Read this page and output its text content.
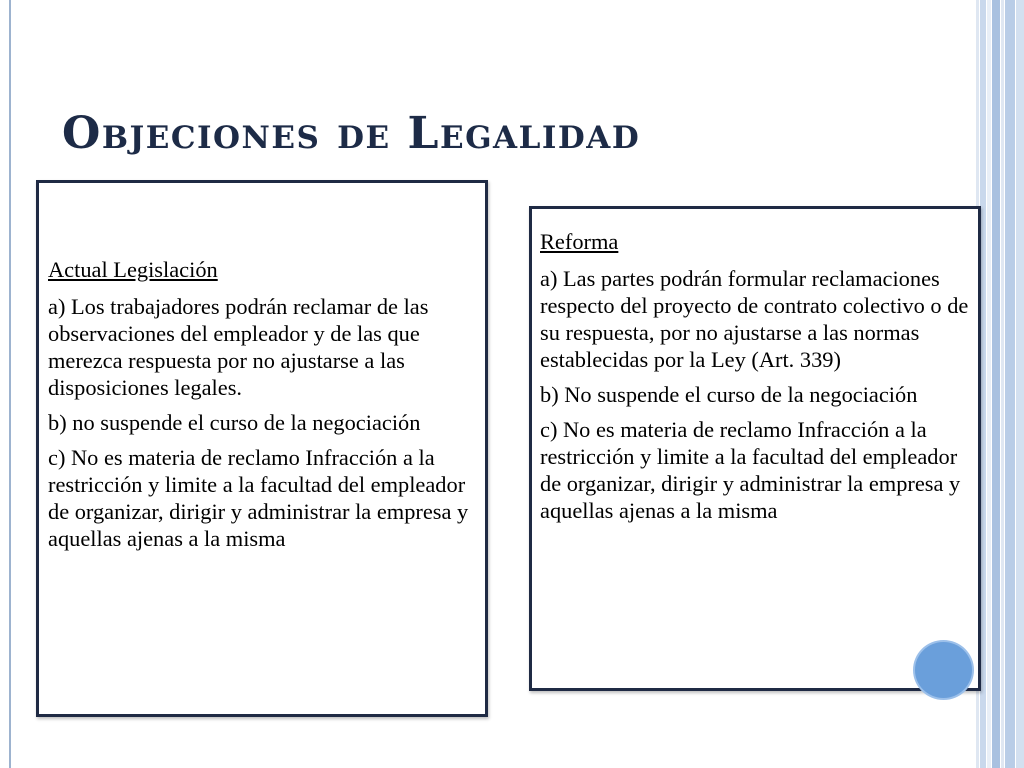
Objeciones de Legalidad

Actual Legislación

a) Los trabajadores podrán reclamar de las observaciones del empleador y de las que merezca respuesta por no ajustarse a las disposiciones legales.

b) no suspende el curso de la negociación

c) No es materia de reclamo Infracción a la restricción y limite a la facultad del empleador de organizar, dirigir y administrar la empresa y aquellas ajenas a la misma

Reforma

a) Las partes podrán formular reclamaciones respecto del proyecto de contrato colectivo o de su respuesta, por no ajustarse a las normas establecidas por la Ley (Art. 339)

b) No suspende el curso de la negociación

c) No es materia de reclamo Infracción a la restricción y limite a la facultad del empleador de organizar, dirigir y administrar la empresa y aquellas ajenas a la misma
